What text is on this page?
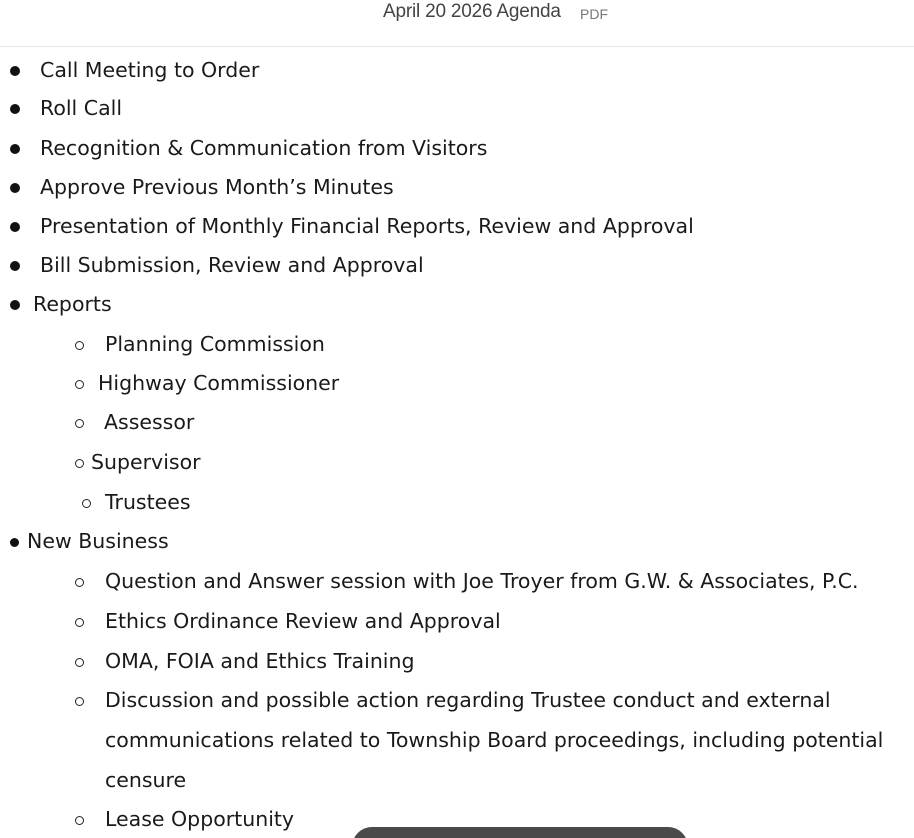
April 20 2026 Agenda PDF
Call Meeting to Order
Roll Call
Recognition & Communication from Visitors
Approve Previous Month’s Minutes
Presentation of Monthly Financial Reports, Review and Approval
Bill Submission, Review and Approval
Reports
Planning Commission
Highway Commissioner
Assessor
Supervisor
Trustees
New Business
Question and Answer session with Joe Troyer from G.W. & Associates, P.C.
Ethics Ordinance Review and Approval
OMA, FOIA and Ethics Training
Discussion and possible action regarding Trustee conduct and external
communications related to Township Board proceedings, including potential
censure
Lease Opportunity
